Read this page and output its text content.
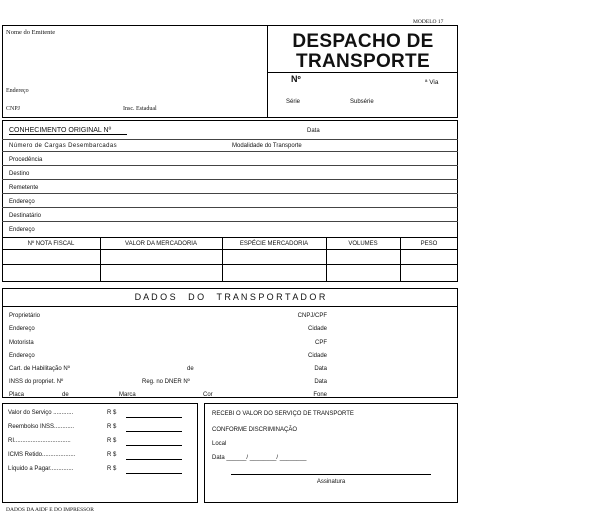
MODELO 17
Nome do Emitente
Endereço
CNPJ	Insc. Estadual
DESPACHO DE
TRANSPORTE
Nº	ª Via
Série	Subsérie
CONHECIMENTO ORIGINAL Nº	Data
Número de Cargas Desembarcadas	Modalidade do Transporte
Procedência
Destino
Remetente
Endereço
Destinatário
Endereço
Nº NOTA FISCAL	VALOR DA MERCADORIA	ESPÉCIE MERCADORIA	VOLUMES	PESO
D A D O S     D O     T R A N S P O R T A D O R
Proprietário	CNPJ/CPF
Endereço	Cidade
Motorista	CPF
Endereço	Cidade
Cart. de Habilitação Nº	de	Data
INSS do propriet. Nº	Reg. no DNER Nº	Data
Placa	de	Marca	Cor	Fone
Valor do Serviço ............	R $
Reembolso INSS............	R $
RI..................................	R $
ICMS Retido....................	R $
Líquido a Pagar..............	R $
RECEBI O VALOR DO SERVIÇO DE TRANSPORTE
CONFORME DISCRIMINAÇÃO
Local
Data ______/ ________/ ________
Assinatura
DADOS DA AIDF E DO IMPRESSOR
